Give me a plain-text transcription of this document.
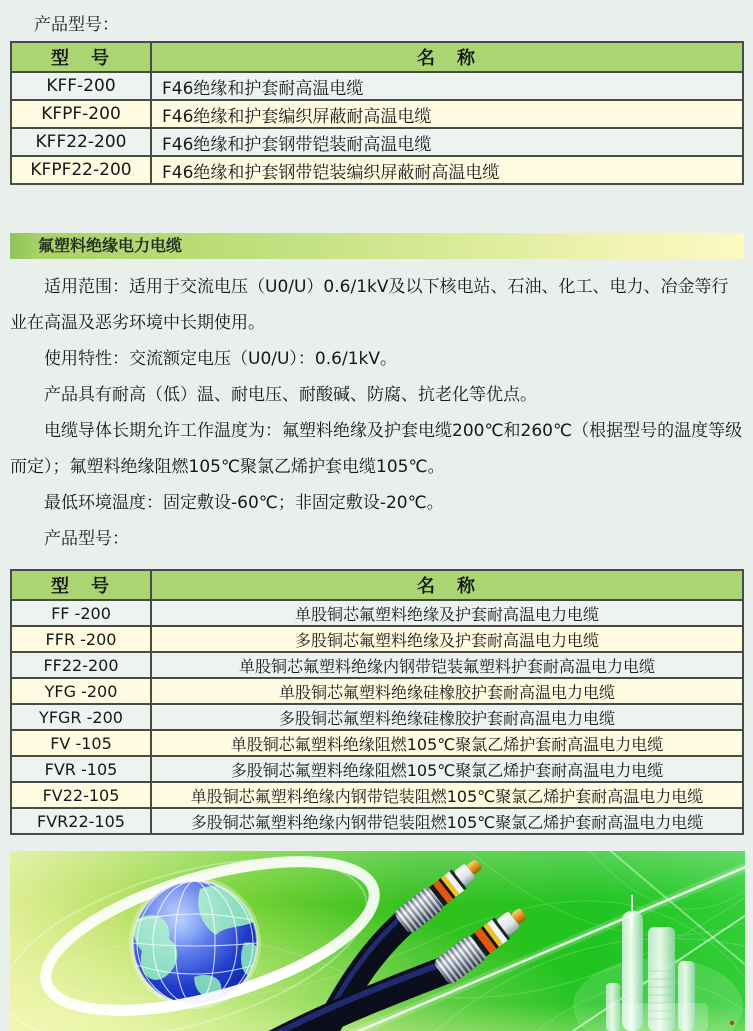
产品型号：
型　号	名　称
KFF-200	F46绝缘和护套耐高温电缆
KFPF-200	F46绝缘和护套编织屏蔽耐高温电缆
KFF22-200	F46绝缘和护套钢带铠装耐高温电缆
KFPF22-200	F46绝缘和护套钢带铠装编织屏蔽耐高温电缆
氟塑料绝缘电力电缆

适用范围：适用于交流电压（U0/U）0.6/1kV及以下核电站、石油、化工、电力、冶金等行业在高温及恶劣环境中长期使用。

使用特性：交流额定电压（U0/U）：0.6/1kV。

产品具有耐高（低）温、耐电压、耐酸碱、防腐、抗老化等优点。

电缆导体长期允许工作温度为：氟塑料绝缘及护套电缆200℃和260℃（根据型号的温度等级而定）；氟塑料绝缘阻燃105℃聚氯乙烯护套电缆105℃。

最低环境温度：固定敷设-60℃；非固定敷设-20℃。

产品型号：

型　号	名　称
FF -200	单股铜芯氟塑料绝缘及护套耐高温电力电缆
FFR -200	多股铜芯氟塑料绝缘及护套耐高温电力电缆
FF22-200	单股铜芯氟塑料绝缘内钢带铠装氟塑料护套耐高温电力电缆
YFG -200	单股铜芯氟塑料绝缘硅橡胶护套耐高温电力电缆
YFGR -200	多股铜芯氟塑料绝缘硅橡胶护套耐高温电力电缆
FV -105	单股铜芯氟塑料绝缘阻燃105℃聚氯乙烯护套耐高温电力电缆
FVR -105	多股铜芯氟塑料绝缘阻燃105℃聚氯乙烯护套耐高温电力电缆
FV22-105	单股铜芯氟塑料绝缘内钢带铠装阻燃105℃聚氯乙烯护套耐高温电力电缆
FVR22-105	多股铜芯氟塑料绝缘内钢带铠装阻燃105℃聚氯乙烯护套耐高温电力电缆
